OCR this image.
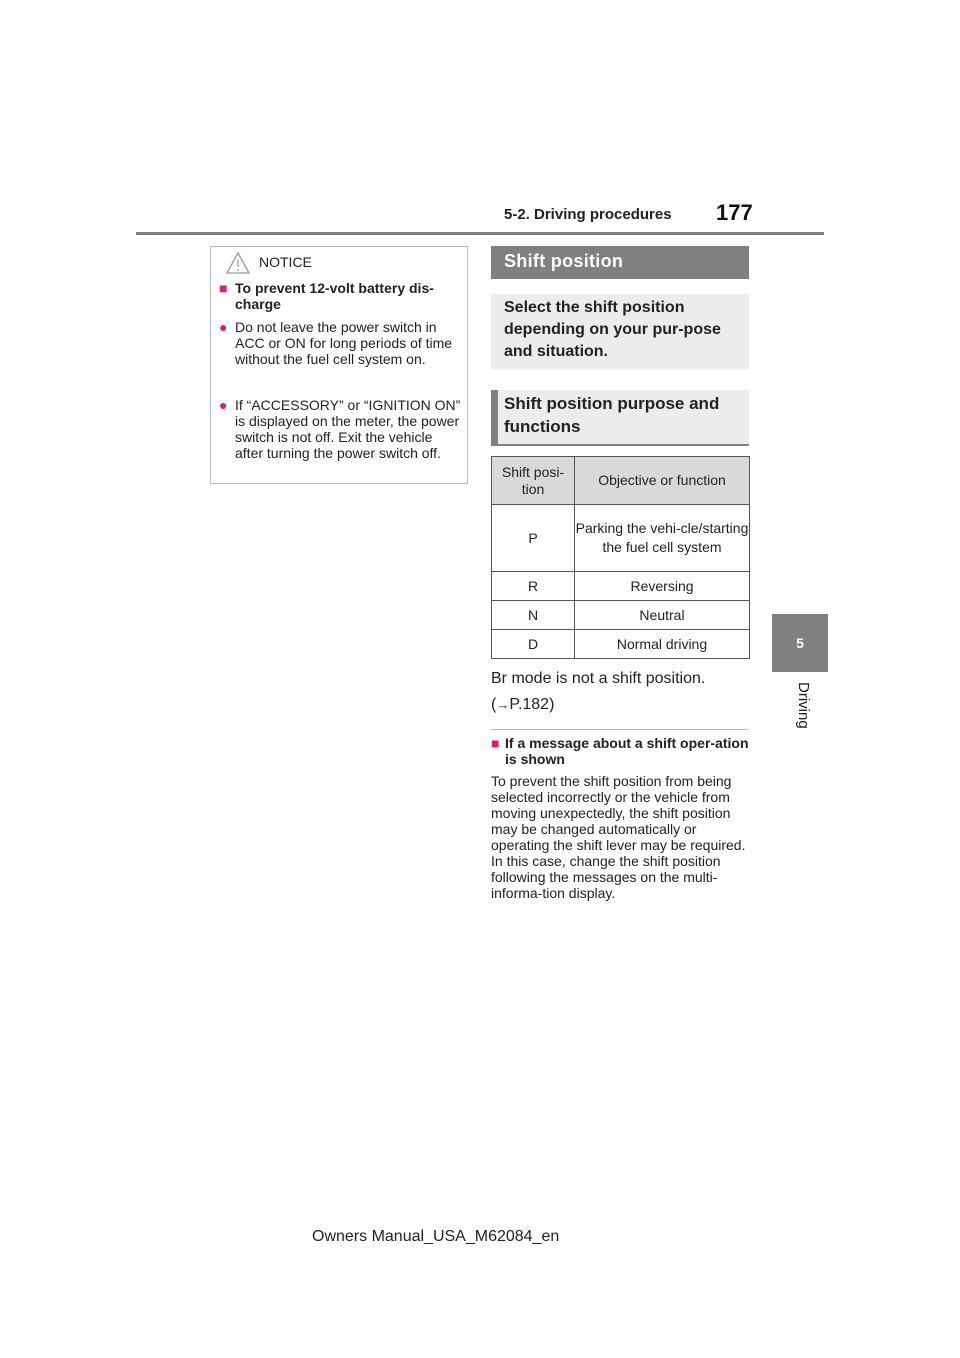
5-2. Driving procedures 177
5
Driving
NOTICE
■ To prevent 12-volt battery dis-charge
● Do not leave the power switch in ACC or ON for long periods of time without the fuel cell system on.
● If “ACCESSORY” or “IGNITION ON” is displayed on the meter, the power switch is not off. Exit the vehicle after turning the power switch off.
Shift position
Select the shift position depending on your pur-pose and situation.
Shift position purpose and functions
Shift posi-tion	Objective or function
P	Parking the vehi-cle/starting the fuel cell system
R	Reversing
N	Neutral
D	Normal driving
Br mode is not a shift position.
(→P.182)
■ If a message about a shift oper-ation is shown
To prevent the shift position from being selected incorrectly or the vehicle from moving unexpectedly, the shift position may be changed automatically or operating the shift lever may be required. In this case, change the shift position following the messages on the multi-informa-tion display.
Owners Manual_USA_M62084_en
